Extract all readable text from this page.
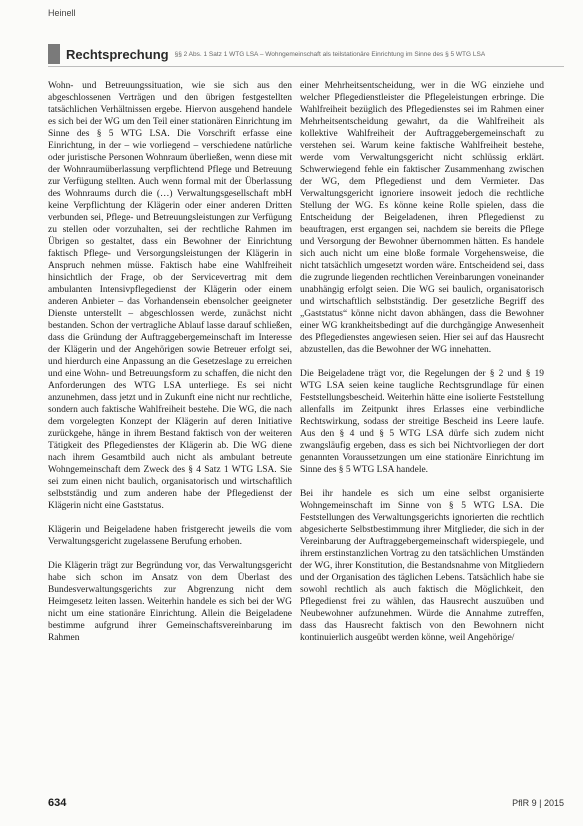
Heinell
Rechtsprechung §§ 2 Abs. 1 Satz 1 WTG LSA – Wohngemeinschaft als teilstationäre Einrichtung im Sinne des § 5 WTG LSA

Wohn- und Betreuungssituation, wie sie sich aus den abgeschlossenen Verträgen und den übrigen festgestellten tatsächlichen Verhältnissen ergebe. Hiervon ausgehend handele es sich bei der WG um den Teil einer stationären Einrichtung im Sinne des § 5 WTG LSA. Die Vorschrift erfasse eine Einrichtung, in der – wie vorliegend – verschiedene natürliche oder juristische Personen Wohnraum überließen, wenn diese mit der Wohnraumüberlassung verpflichtend Pflege und Betreuung zur Verfügung stellten. Auch wenn formal mit der Überlassung des Wohnraums durch die (…) Verwaltungsgesellschaft mbH keine Verpflichtung der Klägerin oder einer anderen Dritten verbunden sei, Pflege- und Betreuungsleistungen zur Verfügung zu stellen oder vorzuhalten, sei der rechtliche Rahmen im Übrigen so gestaltet, dass ein Bewohner der Einrichtung faktisch Pflege- und Versorgungsleistungen der Klägerin in Anspruch nehmen müsse. Faktisch habe eine Wahlfreiheit hinsichtlich der Frage, ob der Servicevertrag mit dem ambulanten Intensivpflegedienst der Klägerin oder einem anderen Anbieter – das Vorhandensein ebensolcher geeigneter Dienste unterstellt – abgeschlossen werde, zunächst nicht bestanden. Schon der vertragliche Ablauf lasse darauf schließen, dass die Gründung der Auftraggebergemeinschaft im Interesse der Klägerin und der Angehörigen sowie Betreuer erfolgt sei, und hierdurch eine Anpassung an die Gesetzeslage zu erreichen und eine Wohn- und Betreuungsform zu schaffen, die nicht den Anforderungen des WTG LSA unterliege. Es sei nicht anzunehmen, dass jetzt und in Zukunft eine nicht nur rechtliche, sondern auch faktische Wahlfreiheit bestehe. Die WG, die nach dem vorgelegten Konzept der Klägerin auf deren Initiative zurückgehe, hänge in ihrem Bestand faktisch von der weiteren Tätigkeit des Pflegedienstes der Klägerin ab. Die WG diene nach ihrem Gesamtbild auch nicht als ambulant betreute Wohngemeinschaft dem Zweck des § 4 Satz 1 WTG LSA. Sie sei zum einen nicht baulich, organisatorisch und wirtschaftlich selbstständig und zum anderen habe der Pflegedienst der Klägerin nicht eine Gaststatus.

Klägerin und Beigeladene haben fristgerecht jeweils die vom Verwaltungsgericht zugelassene Berufung erhoben.

Die Klägerin trägt zur Begründung vor, das Verwaltungsgericht habe sich schon im Ansatz von dem Überlast des Bundesverwaltungsgerichts zur Abgrenzung nicht dem Heimgesetz leiten lassen. Weiterhin handele es sich bei der WG nicht um eine stationäre Einrichtung. Allein die Beigeladene bestimme aufgrund ihrer Gemeinschaftsvereinbarung im Rahmen

einer Mehrheitsentscheidung, wer in die WG einziehe und welcher Pflegedienstleister die Pflegeleistungen erbringe. Die Wahlfreiheit bezüglich des Pflegedienstes sei im Rahmen einer Mehrheitsentscheidung gewahrt, da die Wahlfreiheit als kollektive Wahlfreiheit der Auftraggebergemeinschaft zu verstehen sei. Warum keine faktische Wahlfreiheit bestehe, werde vom Verwaltungsgericht nicht schlüssig erklärt. Schwerwiegend fehle ein faktischer Zusammenhang zwischen der WG, dem Pflegedienst und dem Vermieter. Das Verwaltungsgericht ignoriere insoweit jedoch die rechtliche Stellung der WG. Es könne keine Rolle spielen, dass die Entscheidung der Beigeladenen, ihren Pflegedienst zu beauftragen, erst ergangen sei, nachdem sie bereits die Pflege und Versorgung der Bewohner übernommen hätten. Es handele sich auch nicht um eine bloße formale Vorgehensweise, die nicht tatsächlich umgesetzt worden wäre. Entscheidend sei, dass die zugrunde liegenden rechtlichen Vereinbarungen voneinander unabhängig erfolgt seien. Die WG sei baulich, organisatorisch und wirtschaftlich selbstständig. Der gesetzliche Begriff des „Gaststatus“ könne nicht davon abhängen, dass die Bewohner einer WG krankheitsbedingt auf die durchgängige Anwesenheit des Pflegedienstes angewiesen seien. Hier sei auf das Hausrecht abzustellen, das die Bewohner der WG innehatten.

Die Beigeladene trägt vor, die Regelungen der § 2 und § 19 WTG LSA seien keine taugliche Rechtsgrundlage für einen Feststellungsbescheid. Weiterhin hätte eine isolierte Feststellung allenfalls im Zeitpunkt ihres Erlasses eine verbindliche Rechtswirkung, sodass der streitige Bescheid ins Leere laufe. Aus den § 4 und § 5 WTG LSA dürfe sich zudem nicht zwangsläufig ergeben, dass es sich bei Nichtvorliegen der dort genannten Voraussetzungen um eine stationäre Einrichtung im Sinne des § 5 WTG LSA handele.

Bei ihr handele es sich um eine selbst organisierte Wohngemeinschaft im Sinne von § 5 WTG LSA. Die Feststellungen des Verwaltungsgerichts ignorierten die rechtlich abgesicherte Selbstbestimmung ihrer Mitglieder, die sich in der Vereinbarung der Auftraggebergemeinschaft widerspiegele, und ihrem erstinstanzlichen Vortrag zu den tatsächlichen Umständen der WG, ihrer Konstitution, die Bestandsnahme von Mitgliedern und der Organisation des täglichen Lebens. Tatsächlich habe sie sowohl rechtlich als auch faktisch die Möglichkeit, den Pflegedienst frei zu wählen, das Hausrecht auszuüben und Neubewohner aufzunehmen. Würde die Annahme zutreffen, dass das Hausrecht faktisch von den Bewohnern nicht kontinuierlich ausgeübt werden könne, weil Angehörige/

634	PflR 9 | 2015
